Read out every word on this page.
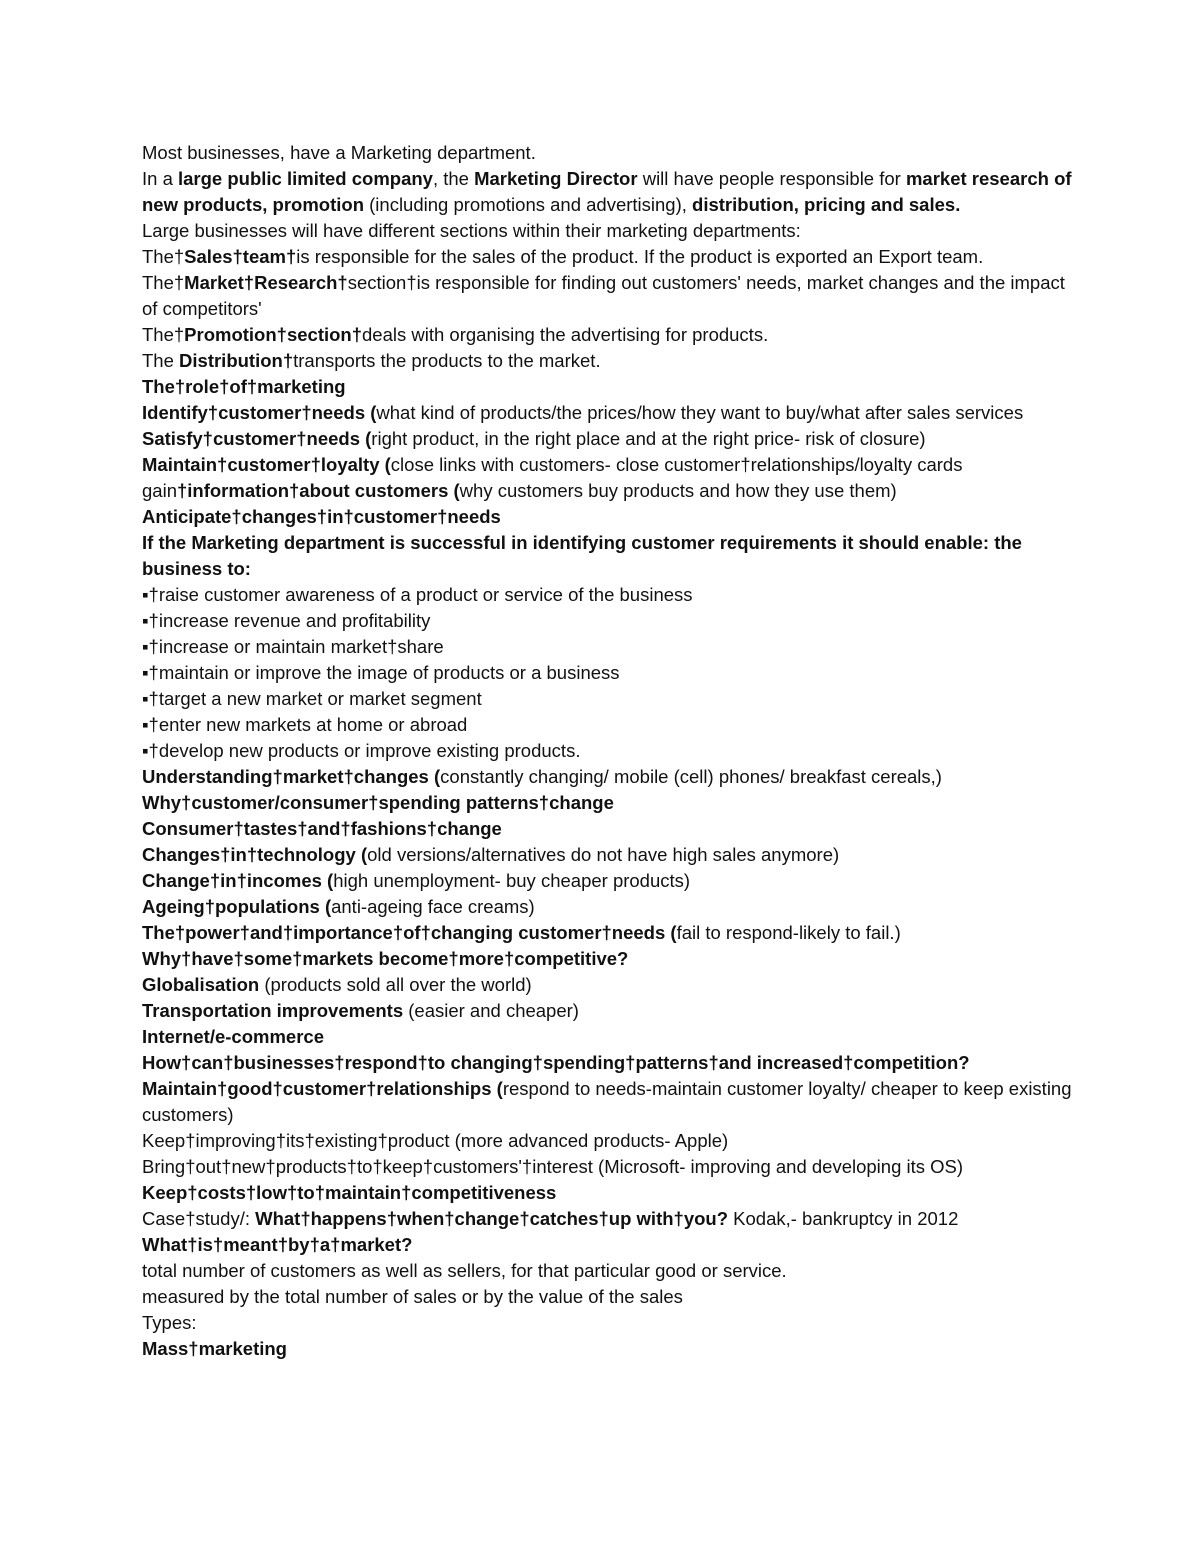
Most businesses, have a Marketing department.
In a large public limited company, the Marketing Director will have people responsible for market research of new products, promotion (including promotions and advertising), distribution, pricing and sales.
Large businesses will have different sections within their marketing departments:
The†Sales†team†is responsible for the sales of the product. If the product is exported an Export team.
The†Market†Research†section†is responsible for finding out customers' needs, market changes and the impact of competitors'
The†Promotion†section†deals with organising the advertising for products.
The Distribution†transports the products to the market.
The†role†of†marketing
Identify†customer†needs (what kind of products/the prices/how they want to buy/what after sales services
Satisfy†customer†needs (right product, in the right place and at the right price- risk of closure)
Maintain†customer†loyalty (close links with customers- close customer†relationships/loyalty cards
gain†information†about customers (why customers buy products and how they use them)
Anticipate†changes†in†customer†needs
If the Marketing department is successful in identifying customer requirements it should enable: the business to:
▪†raise customer awareness of a product or service of the business
▪†increase revenue and profitability
▪†increase or maintain market†share
▪†maintain or improve the image of products or a business
▪†target a new market or market segment
▪†enter new markets at home or abroad
▪†develop new products or improve existing products.
Understanding†market†changes (constantly changing/ mobile (cell) phones/ breakfast cereals,)
Why†customer/consumer†spending patterns†change
Consumer†tastes†and†fashions†change
Changes†in†technology (old versions/alternatives do not have high sales anymore)
Change†in†incomes (high unemployment- buy cheaper products)
Ageing†populations (anti-ageing face creams)
The†power†and†importance†of†changing customer†needs (fail to respond-likely to fail.)
Why†have†some†markets become†more†competitive?
Globalisation (products sold all over the world)
Transportation improvements (easier and cheaper)
Internet/e-commerce
How†can†businesses†respond†to changing†spending†patterns†and increased†competition?
Maintain†good†customer†relationships (respond to needs-maintain customer loyalty/ cheaper to keep existing customers)
Keep†improving†its†existing†product (more advanced products- Apple)
Bring†out†new†products†to†keep†customers'†interest (Microsoft- improving and developing its OS)
Keep†costs†low†to†maintain†competitiveness
Case†study/: What†happens†when†change†catches†up with†you? Kodak,- bankruptcy in 2012
What†is†meant†by†a†market?
total number of customers as well as sellers, for that particular good or service.
measured by the total number of sales or by the value of the sales
Types:
Mass†marketing
